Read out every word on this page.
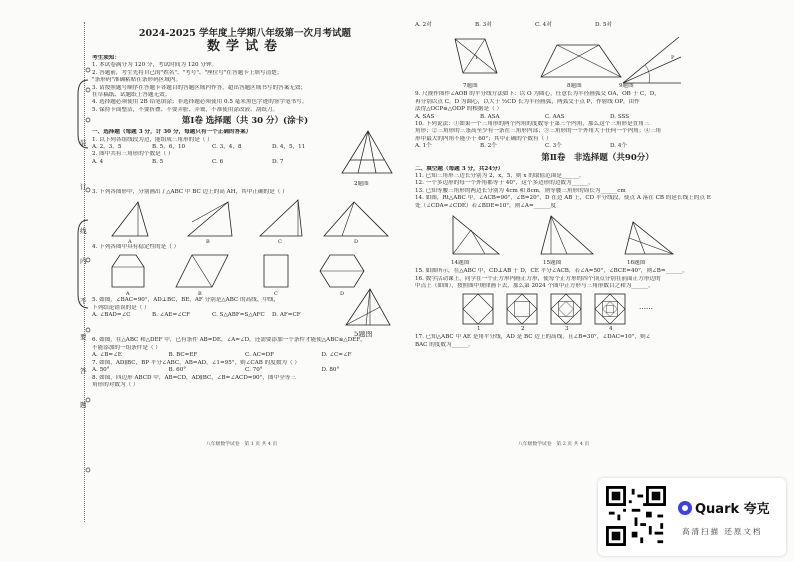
装
订
线
内
不
要
答
题
2024-2025 学年度上学期八年级第一次月考试题
数学试卷
考生须知：
1. 本试卷满分为 120 分，考试时间为 120 分钟。
2. 答题前，考生先将自己的"姓名"、"考号"、"座位号"在答题卡上填写清楚；
"条形码"准确粘贴在条形码区域内。
3. 请按照题号顺序在答题卡各题目的答题区域内作答，超出答题区域书写的答案无效；
在草稿纸、试题纸上答题无效。
4. 选择题必须使用 2B 铅笔填涂；非选择题必须使用 0.5 毫米黑色字迹的签字笔书写。
5. 保持卡面整洁，不要折叠、不要弄脏、弄皱，不准使用涂改液、刮纸刀。
第Ⅰ卷 选择题（共 30 分）(涂卡)
一、选择题（每题 3 分，计 30 分，每题只有一个正确的答案）
1. 以下列各组线段为边，能组成三角形的是（ ）
A. 2，3，5	B. 5，6，10	C. 3，4，8	D. 4，5，11
2. 图中共有三角形的个数是（ ）
A. 4	B. 5	C. 6	D. 7
2题图
3. 下列各图形中，分别画出了△ABC 中 BC 边上的高 AH，其中正确的是（ ）
A	B	C	D
4. 下列各图中具有稳定性的是（ ）
A	B	C	D
5. 如图，∠BAC=90°，AD⊥BC，BE、AF 分别是△ABC 的高线、中线，
下列结论错误的是（ ）
A. ∠BAD=∠C	B. ∠AE=∠CF	C. S△ABF=S△AFC	D. AF=CF
5题图
6. 如图，在△ABC 和△DEF 中，已有条件 AB=DE，∠A=∠D，还需要添加一个条件才能使△ABC≌△DEF，
不能添加的一组条件是（ ）
A. ∠B=∠E	B. BC=EF	C. AC=DF	D. ∠C=∠F
7. 如图，AD∥BC，BP 平分∠ABC，AB=AD，∠1=95°，则∠CAB 的度数为（ ）
A. 50°	B. 60°	C. 70°	D. 80°
8. 如图，四边形 ABCD 中，AB=CD，AD∥BC，∠B=∠ACD=90°，图中全等三
角形的对数为（ ）
八年级数学试卷　第 1 页 共 4 页
A. 2对	B. 3对	C. 4对	D. 5对
1
7题图	8题图
P
9题图
9. 尺规作图作∠AOB 的平分线方法如下：以 O 为圆心，任意长为半径画弧交 OA，OB 于 C，D，
再分别以点 C，D 为圆心，以大于 ½CD 长为半径画弧，两弧交于点 P，作射线 OP，由作
法得△OCP≌△ODP 的根据是（ ）
A. SAS	B. ASA	C. AAS	D. SSS
10. 下列说法：①如果一个三角形的两个内角的度数等于第三个内角，那么这个三角形是直角三
角形；②三角形的三条高至少有一条在三角形内部；③三角形的一个外角大于任何一个内角；④三角
形中最大的内角不能小于 60°；其中正确的个数有（ ）
A. 1个	B. 2个	C. 3个	D. 4个
第Ⅱ卷　非选择题（共90分）
二、填空题（每题 3 分，共24分）
11. 已知三角形三边长分别为 2，x，5，则 x 的取值范围是______。
12. 一个多边形的每一个外角都等于 40°，这个多边形的边数为______。
13. 已知等腰三角形的两边长分别为 4cm 和 8cm，则等腰三角形的周长为______cm
14. 如图，Rt△ABC 中，∠ACB=90°，∠B=20°，D 在边 AB 上，CD 平分线段，使点 A 落在 CB 的延长线上的点 E
处（∠CDA=∠CDE）若∠BDE=10°，则∠A=______度
14题图	15题图	16题图
15. 如图所示，在△ABC 中，CD⊥AB 于 D，CE 平分∠ACB，若∠A=50°，∠BCE=40°，则∠B=______。
16. 数学活动课上，同学在一个正方形内画正方形，使每个正方形的四个顶点分别在前面正方形边的
中点上（如图），按照图中规律画下去，那么第 2024 个图中正方形与三角形数目之和为______。
1	2	3	4
……
17. 已知△ABC 中 AE 是角平分线，AD 是 BC 边上的高线，且∠B=30°，∠DAC=10°，则∠
BAC 的度数为______。
八年级数学试卷　第 2 页 共 4 页
Quark 夸克
高清扫描 还原文档
